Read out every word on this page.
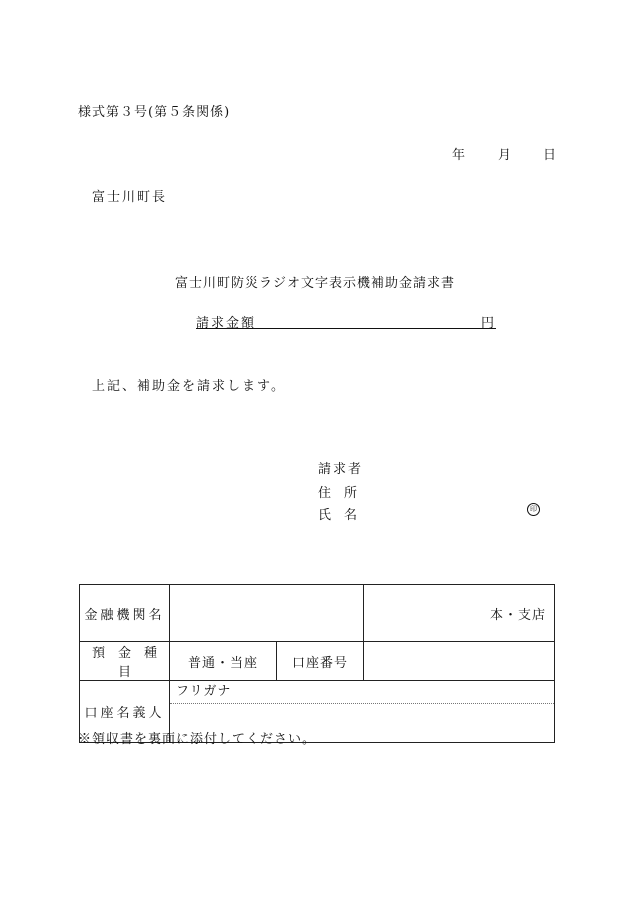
様式第３号(第５条関係)
年	月 日
富士川町長
富士川町防災ラジオ文字表示機補助金請求書
請求金額	円
上記、補助金を請求します。
請求者
住　所
氏　名	印
金融機関名			本・支店
預　金　種　目	普通・当座	口座番号	
口座名義人	フリガナ		
※領収書を裏面に添付してください。
